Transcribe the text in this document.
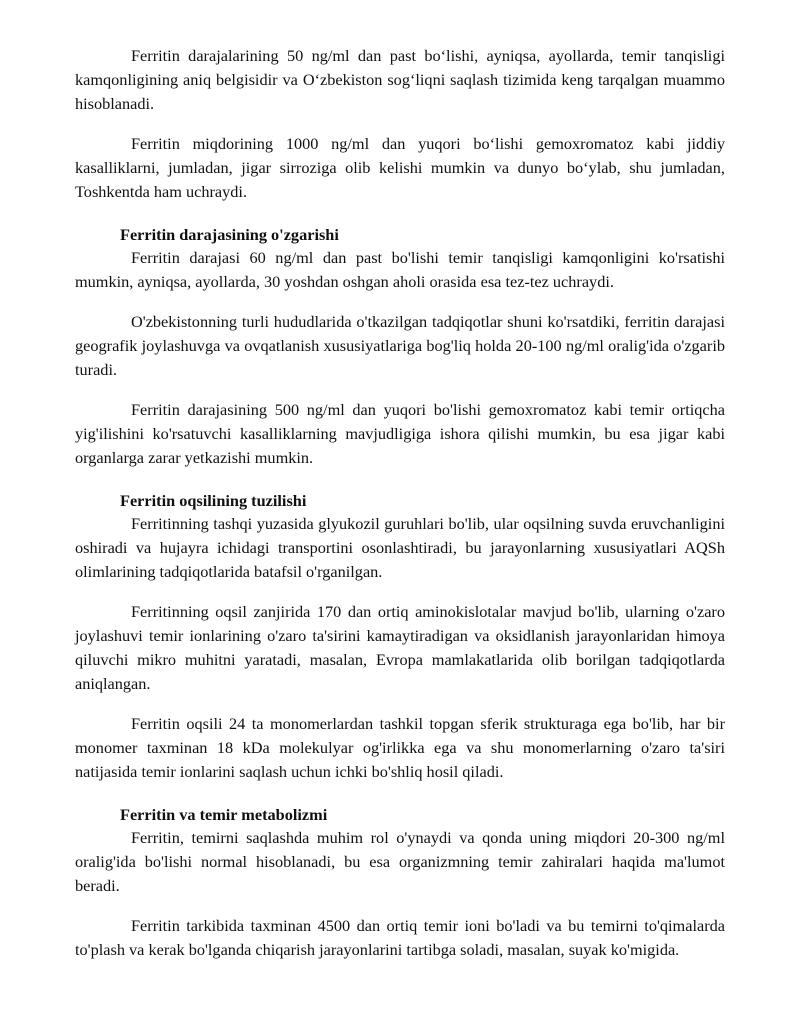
Ferritin darajalarining 50 ng/ml dan past bo‘lishi, ayniqsa, ayollarda, temir tanqisligi kamqonligining aniq belgisidir va O‘zbekiston sog‘liqni saqlash tizimida keng tarqalgan muammo hisoblanadi.

Ferritin miqdorining 1000 ng/ml dan yuqori bo‘lishi gemoxromatoz kabi jiddiy kasalliklarni, jumladan, jigar sirroziga olib kelishi mumkin va dunyo bo‘ylab, shu jumladan, Toshkentda ham uchraydi.

Ferritin darajasining o'zgarishi

Ferritin darajasi 60 ng/ml dan past bo'lishi temir tanqisligi kamqonligini ko'rsatishi mumkin, ayniqsa, ayollarda, 30 yoshdan oshgan aholi orasida esa tez-tez uchraydi.

O'zbekistonning turli hududlarida o'tkazilgan tadqiqotlar shuni ko'rsatdiki, ferritin darajasi geografik joylashuvga va ovqatlanish xususiyatlariga bog'liq holda 20-100 ng/ml oralig'ida o'zgarib turadi.

Ferritin darajasining 500 ng/ml dan yuqori bo'lishi gemoxromatoz kabi temir ortiqcha yig'ilishini ko'rsatuvchi kasalliklarning mavjudligiga ishora qilishi mumkin, bu esa jigar kabi organlarga zarar yetkazishi mumkin.

Ferritin oqsilining tuzilishi

Ferritinning tashqi yuzasida glyukozil guruhlari bo'lib, ular oqsilning suvda eruvchanligini oshiradi va hujayra ichidagi transportini osonlashtiradi, bu jarayonlarning xususiyatlari AQSh olimlarining tadqiqotlarida batafsil o'rganilgan.

Ferritinning oqsil zanjirida 170 dan ortiq aminokislotalar mavjud bo'lib, ularning o'zaro joylashuvi temir ionlarining o'zaro ta'sirini kamaytiradigan va oksidlanish jarayonlaridan himoya qiluvchi mikro muhitni yaratadi, masalan, Evropa mamlakatlarida olib borilgan tadqiqotlarda aniqlangan.

Ferritin oqsili 24 ta monomerlardan tashkil topgan sferik strukturaga ega bo'lib, har bir monomer taxminan 18 kDa molekulyar og'irlikka ega va shu monomerlarning o'zaro ta'siri natijasida temir ionlarini saqlash uchun ichki bo'shliq hosil qiladi.

Ferritin va temir metabolizmi

Ferritin, temirni saqlashda muhim rol o'ynaydi va qonda uning miqdori 20-300 ng/ml oralig'ida bo'lishi normal hisoblanadi, bu esa organizmning temir zahiralari haqida ma'lumot beradi.

Ferritin tarkibida taxminan 4500 dan ortiq temir ioni bo'ladi va bu temirni to'qimalarda to'plash va kerak bo'lganda chiqarish jarayonlarini tartibga soladi, masalan, suyak ko'migida.
